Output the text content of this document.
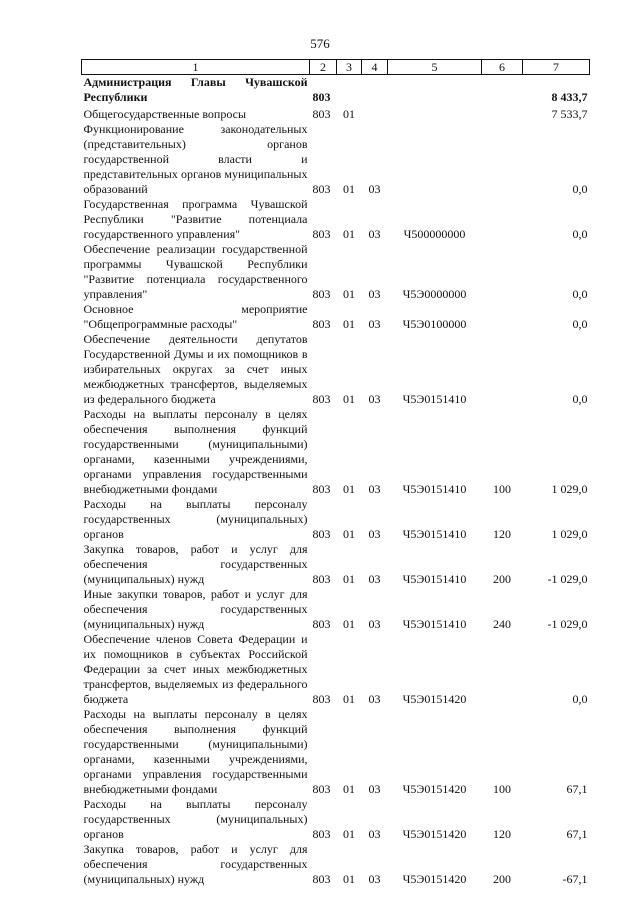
576
1	2	3	4	5	6	7
Администрация Главы Чувашской Республики	803					8 433,7
Общегосударственные вопросы	803	01				7 533,7
Функционирование законодательных (представительных) органов государственной власти и представительных органов муниципальных образований	803	01	03			0,0
Государственная программа Чувашской Республики "Развитие потенциала государственного управления"	803	01	03	Ч500000000		0,0
Обеспечение реализации государственной программы Чувашской Республики "Развитие потенциала государственного управления"	803	01	03	Ч5Э0000000		0,0
Основное мероприятие "Общепрограммные расходы"	803	01	03	Ч5Э0100000		0,0
Обеспечение деятельности депутатов Государственной Думы и их помощников в избирательных округах за счет иных межбюджетных трансфертов, выделяемых из федерального бюджета	803	01	03	Ч5Э0151410		0,0
Расходы на выплаты персоналу в целях обеспечения выполнения функций государственными (муниципальными) органами, казенными учреждениями, органами управления государственными внебюджетными фондами	803	01	03	Ч5Э0151410	100	1 029,0
Расходы на выплаты персоналу государственных (муниципальных) органов	803	01	03	Ч5Э0151410	120	1 029,0
Закупка товаров, работ и услуг для обеспечения государственных (муниципальных) нужд	803	01	03	Ч5Э0151410	200	-1 029,0
Иные закупки товаров, работ и услуг для обеспечения государственных (муниципальных) нужд	803	01	03	Ч5Э0151410	240	-1 029,0
Обеспечение членов Совета Федерации и их помощников в субъектах Российской Федерации за счет иных межбюджетных трансфертов, выделяемых из федерального бюджета	803	01	03	Ч5Э0151420		0,0
Расходы на выплаты персоналу в целях обеспечения выполнения функций государственными (муниципальными) органами, казенными учреждениями, органами управления государственными внебюджетными фондами	803	01	03	Ч5Э0151420	100	67,1
Расходы на выплаты персоналу государственных (муниципальных) органов	803	01	03	Ч5Э0151420	120	67,1
Закупка товаров, работ и услуг для обеспечения государственных (муниципальных) нужд	803	01	03	Ч5Э0151420	200	-67,1
